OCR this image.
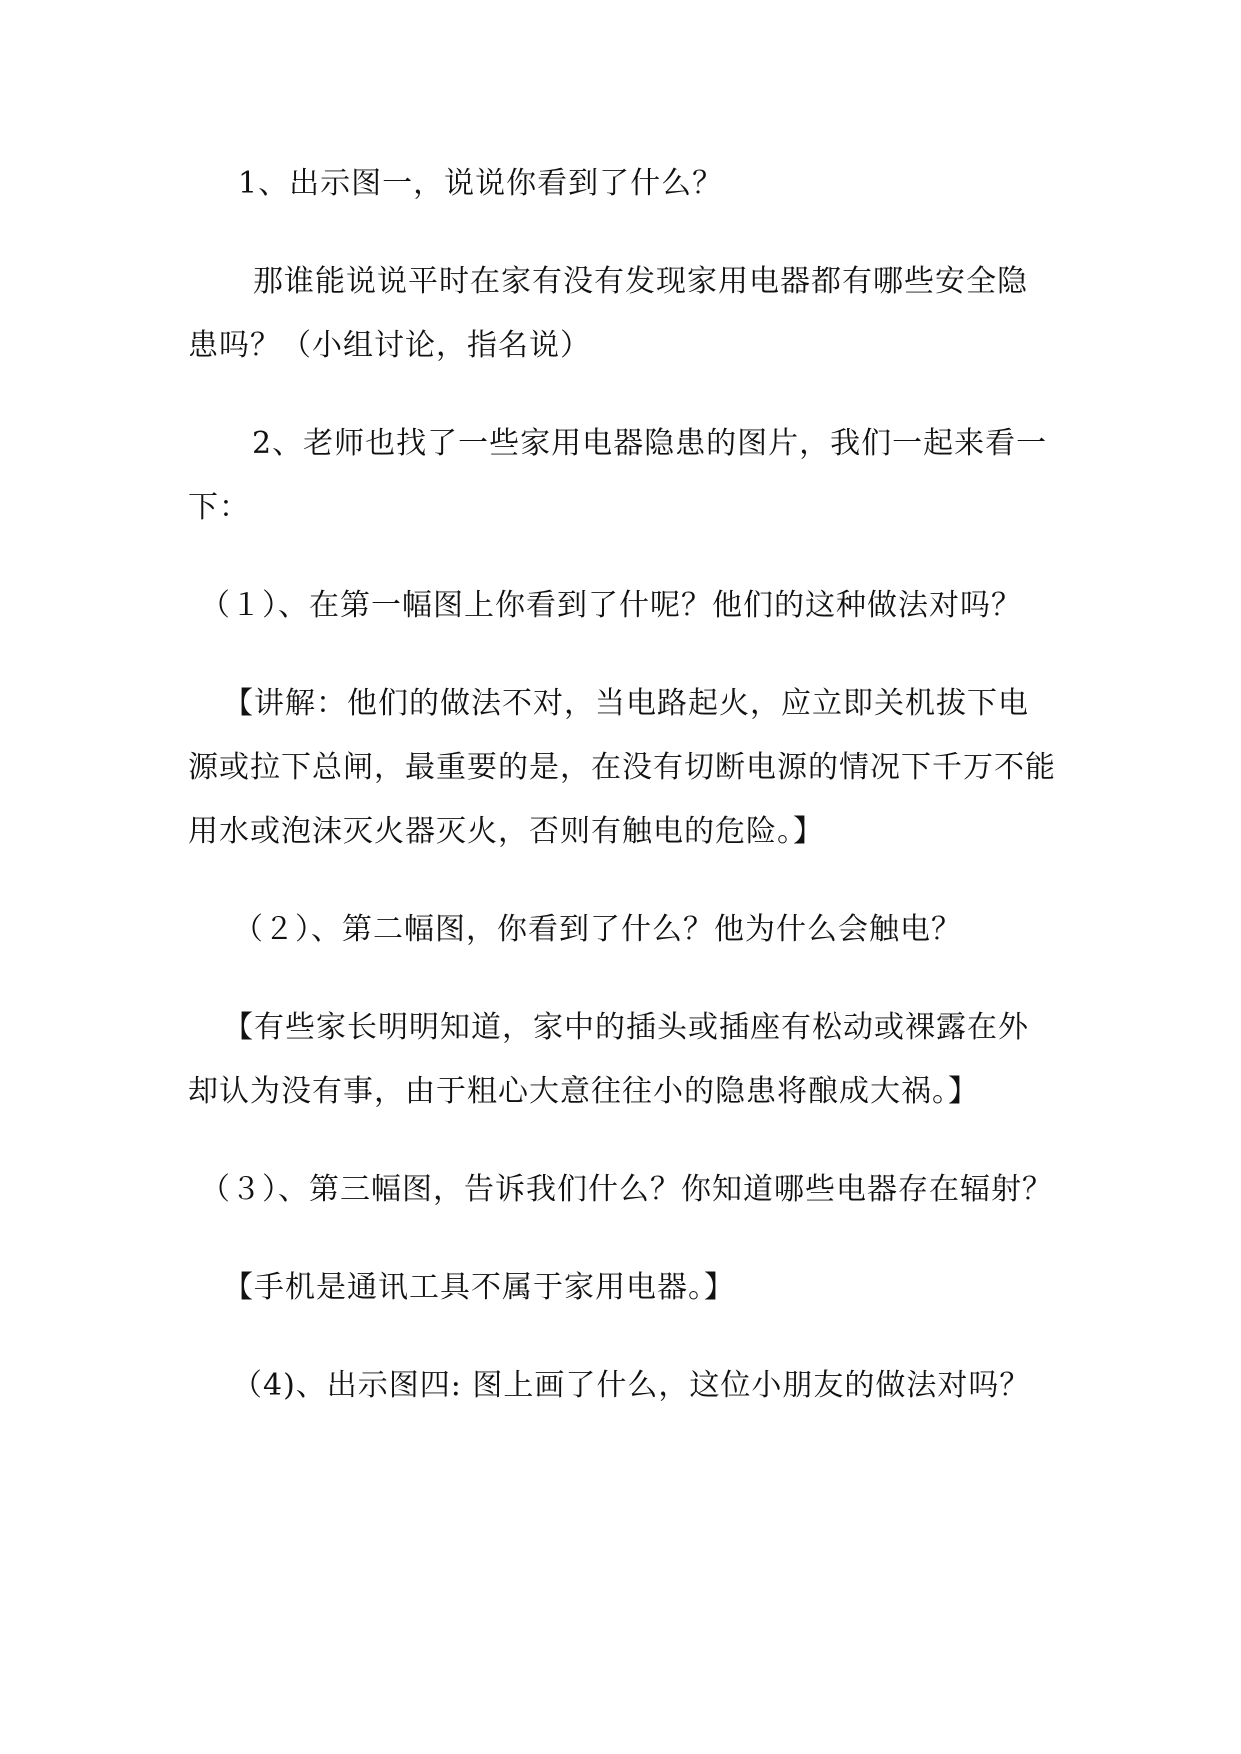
1、出示图一，说说你看到了什么？

那谁能说说平时在家有没有发现家用电器都有哪些安全隐患吗？（小组讨论，指名说）

2、老师也找了一些家用电器隐患的图片，我们一起来看一下：

（１）、在第一幅图上你看到了什呢？他们的这种做法对吗？

【讲解：他们的做法不对，当电路起火，应立即关机拔下电源或拉下总闸，最重要的是，在没有切断电源的情况下千万不能用水或泡沫灭火器灭火，否则有触电的危险。】

（２）、第二幅图，你看到了什么？他为什么会触电？

【有些家长明明知道，家中的插头或插座有松动或裸露在外却认为没有事，由于粗心大意往往小的隐患将酿成大祸。】

（３）、第三幅图，告诉我们什么？你知道哪些电器存在辐射？

【手机是通讯工具不属于家用电器。】

（4)、出示图四: 图上画了什么，这位小朋友的做法对吗？
